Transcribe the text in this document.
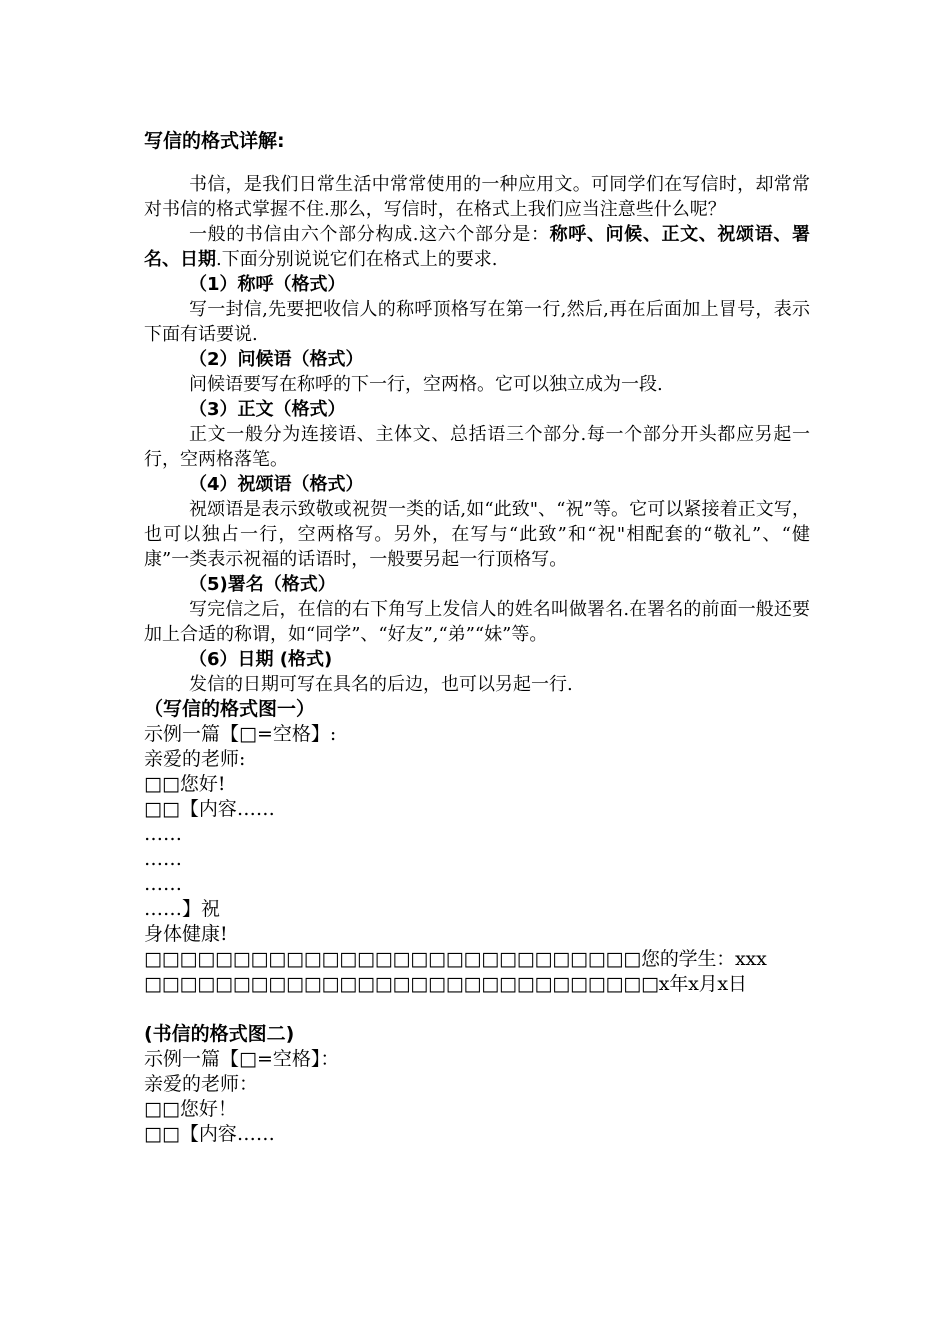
写信的格式详解:

书信，是我们日常生活中常常使用的一种应用文。可同学们在写信时，却常常对书信的格式掌握不住.那么，写信时，在格式上我们应当注意些什么呢？

一般的书信由六个部分构成.这六个部分是：称呼、问候、正文、祝颂语、署名、日期.下面分别说说它们在格式上的要求.

（1）称呼（格式）

写一封信,先要把收信人的称呼顶格写在第一行,然后,再在后面加上冒号，表示下面有话要说.

（2）问候语（格式）

问候语要写在称呼的下一行，空两格。它可以独立成为一段.

（3）正文（格式）

正文一般分为连接语、主体文、总括语三个部分.每一个部分开头都应另起一行，空两格落笔。

（4）祝颂语（格式）

祝颂语是表示致敬或祝贺一类的话,如“此致"、“祝”等。它可以紧接着正文写，也可以独占一行，空两格写。另外，在写与“此致”和“祝"相配套的“敬礼”、“健康”一类表示祝福的话语时，一般要另起一行顶格写。

（5)署名（格式）

写完信之后，在信的右下角写上发信人的姓名叫做署名.在署名的前面一般还要加上合适的称谓，如“同学”、“好友”,“弟”“妹”等。

（6）日期 (格式)

发信的日期可写在具名的后边，也可以另起一行.

（写信的格式图一）

示例一篇【□=空格】:

亲爱的老师:

□□您好!

□□【内容……

……

……

……

……】祝

身体健康!

□□□□□□□□□□□□□□□□□□□□□□□□□□□□您的学生：xxx

□□□□□□□□□□□□□□□□□□□□□□□□□□□□□x年x月x日

(书信的格式图二)

示例一篇【□=空格】：

亲爱的老师：

□□您好！

□□【内容……
